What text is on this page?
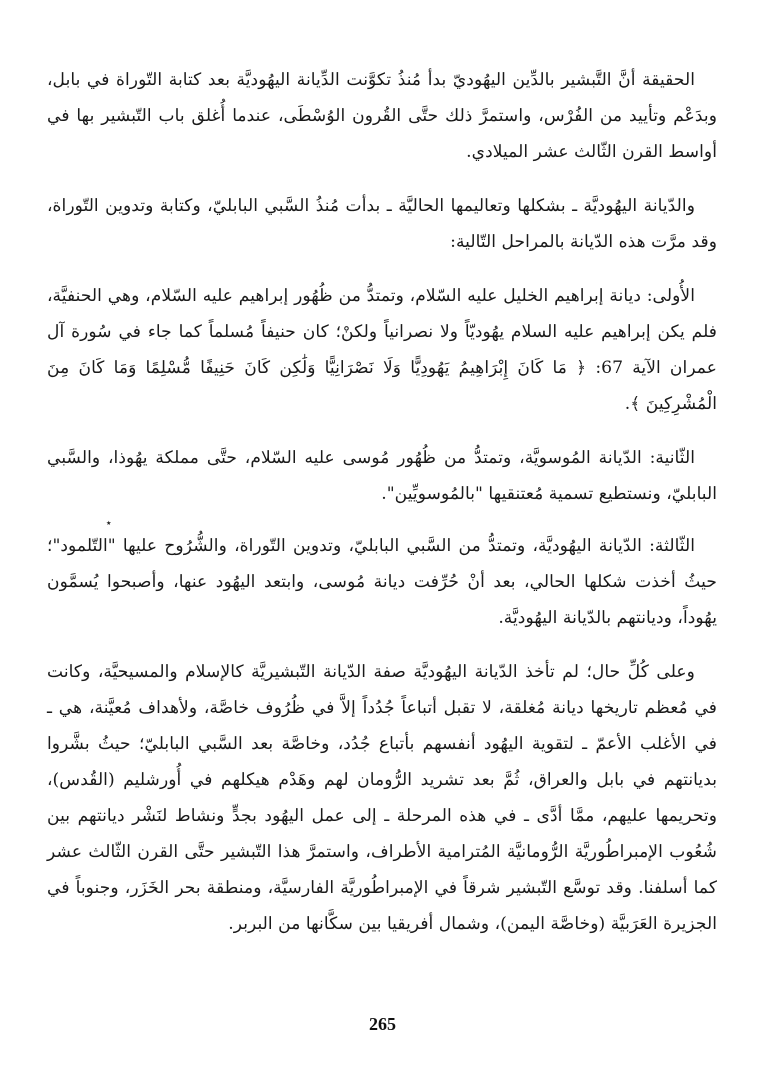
الحقيقة أنَّ التَّبشير بالدِّين اليهُوديّ بدأ مُنذُ تكوَّنت الدِّيانة اليهُوديَّة بعد كتابة التّوراة في بابل، وبدَعْم وتأييد من الفُرْس، واستمرَّ ذلك حتَّى القُرون الوُسْطَى، عندما أُغلق باب التّبشير بها في أواسط القرن الثّالث عشر الميلادي.

والدّيانة اليهُوديَّة ـ بشكلها وتعاليمها الحاليَّة ـ بدأت مُنذُ السَّبي البابليّ، وكتابة وتدوين التّوراة، وقد مرَّت هذه الدّيانة بالمراحل التّالية:

الأُولى: ديانة إبراهيم الخليل عليه السّلام، وتمتدُّ من ظُهُور إبراهيم عليه السّلام، وهي الحنفيَّة، فلم يكن إبراهيم عليه السلام يهُوديّاً ولا نصرانياً ولكنْ؛ كان حنيفاً مُسلماً كما جاء في سُورة آل عمران الآية 67: ﴿ مَا كَانَ إِبْرَاهِيمُ يَهُودِيًّا وَلَا نَصْرَانِيًّا وَلَٰكِن كَانَ حَنِيفًا مُّسْلِمًا وَمَا كَانَ مِنَ الْمُشْرِكِينَ ﴾.

الثّانية: الدّيانة المُوسويَّة، وتمتدُّ من ظُهُور مُوسى عليه السّلام، حتَّى مملكة يهُوذا، والسَّبي البابليّ، ونستطيع تسمية مُعتنقيها "بالمُوسويِّين".

الثّالثة: الدّيانة اليهُوديَّة، وتمتدُّ من السَّبي البابليّ، وتدوين التّوراة، والشُّرُوح عليها "التّلمود"؛ حيثُ أخذت شكلها الحالي، بعد أنْ حُرِّفت ديانة مُوسى، وابتعد اليهُود عنها، وأصبحوا يُسمَّون يهُوداً، وديانتهم بالدّيانة اليهُوديَّة.

وعلى كُلِّ حال؛ لم تأخذ الدّيانة اليهُوديَّة صفة الدّيانة التّبشيريَّة كالإسلام والمسيحيَّة، وكانت في مُعظم تاريخها ديانة مُغلقة، لا تقبل أتباعاً جُدُداً إلاَّ في ظُرُوف خاصَّة، ولأهداف مُعيَّنة، هي ـ في الأغلب الأعمّ ـ لتقوية اليهُود أنفسهم بأتباع جُدُد، وخاصَّة بعد السَّبي البابليّ؛ حيثُ بشَّروا بديانتهم في بابل والعراق، ثُمَّ بعد تشريد الرُّومان لهم وهَدْم هيكلهم في أُورشليم (القُدس)، وتحريمها عليهم، ممَّا أدَّى ـ في هذه المرحلة ـ إلى عمل اليهُود بجدٍّ ونشاط لنَشْر ديانتهم بين شُعُوب الإمبراطُوريَّة الرُّومانيَّة المُترامية الأطراف، واستمرَّ هذا التّبشير حتَّى القرن الثّالث عشر كما أسلفنا. وقد توسَّع التّبشير شرقاً في الإمبراطُوريَّة الفارسيَّة، ومنطقة بحر الخَزَر، وجنوباً في الجزيرة العَرَبيَّة (وخاصَّة اليمن)، وشمال أفريقيا بين سكَّانها من البربر.

٭
265
